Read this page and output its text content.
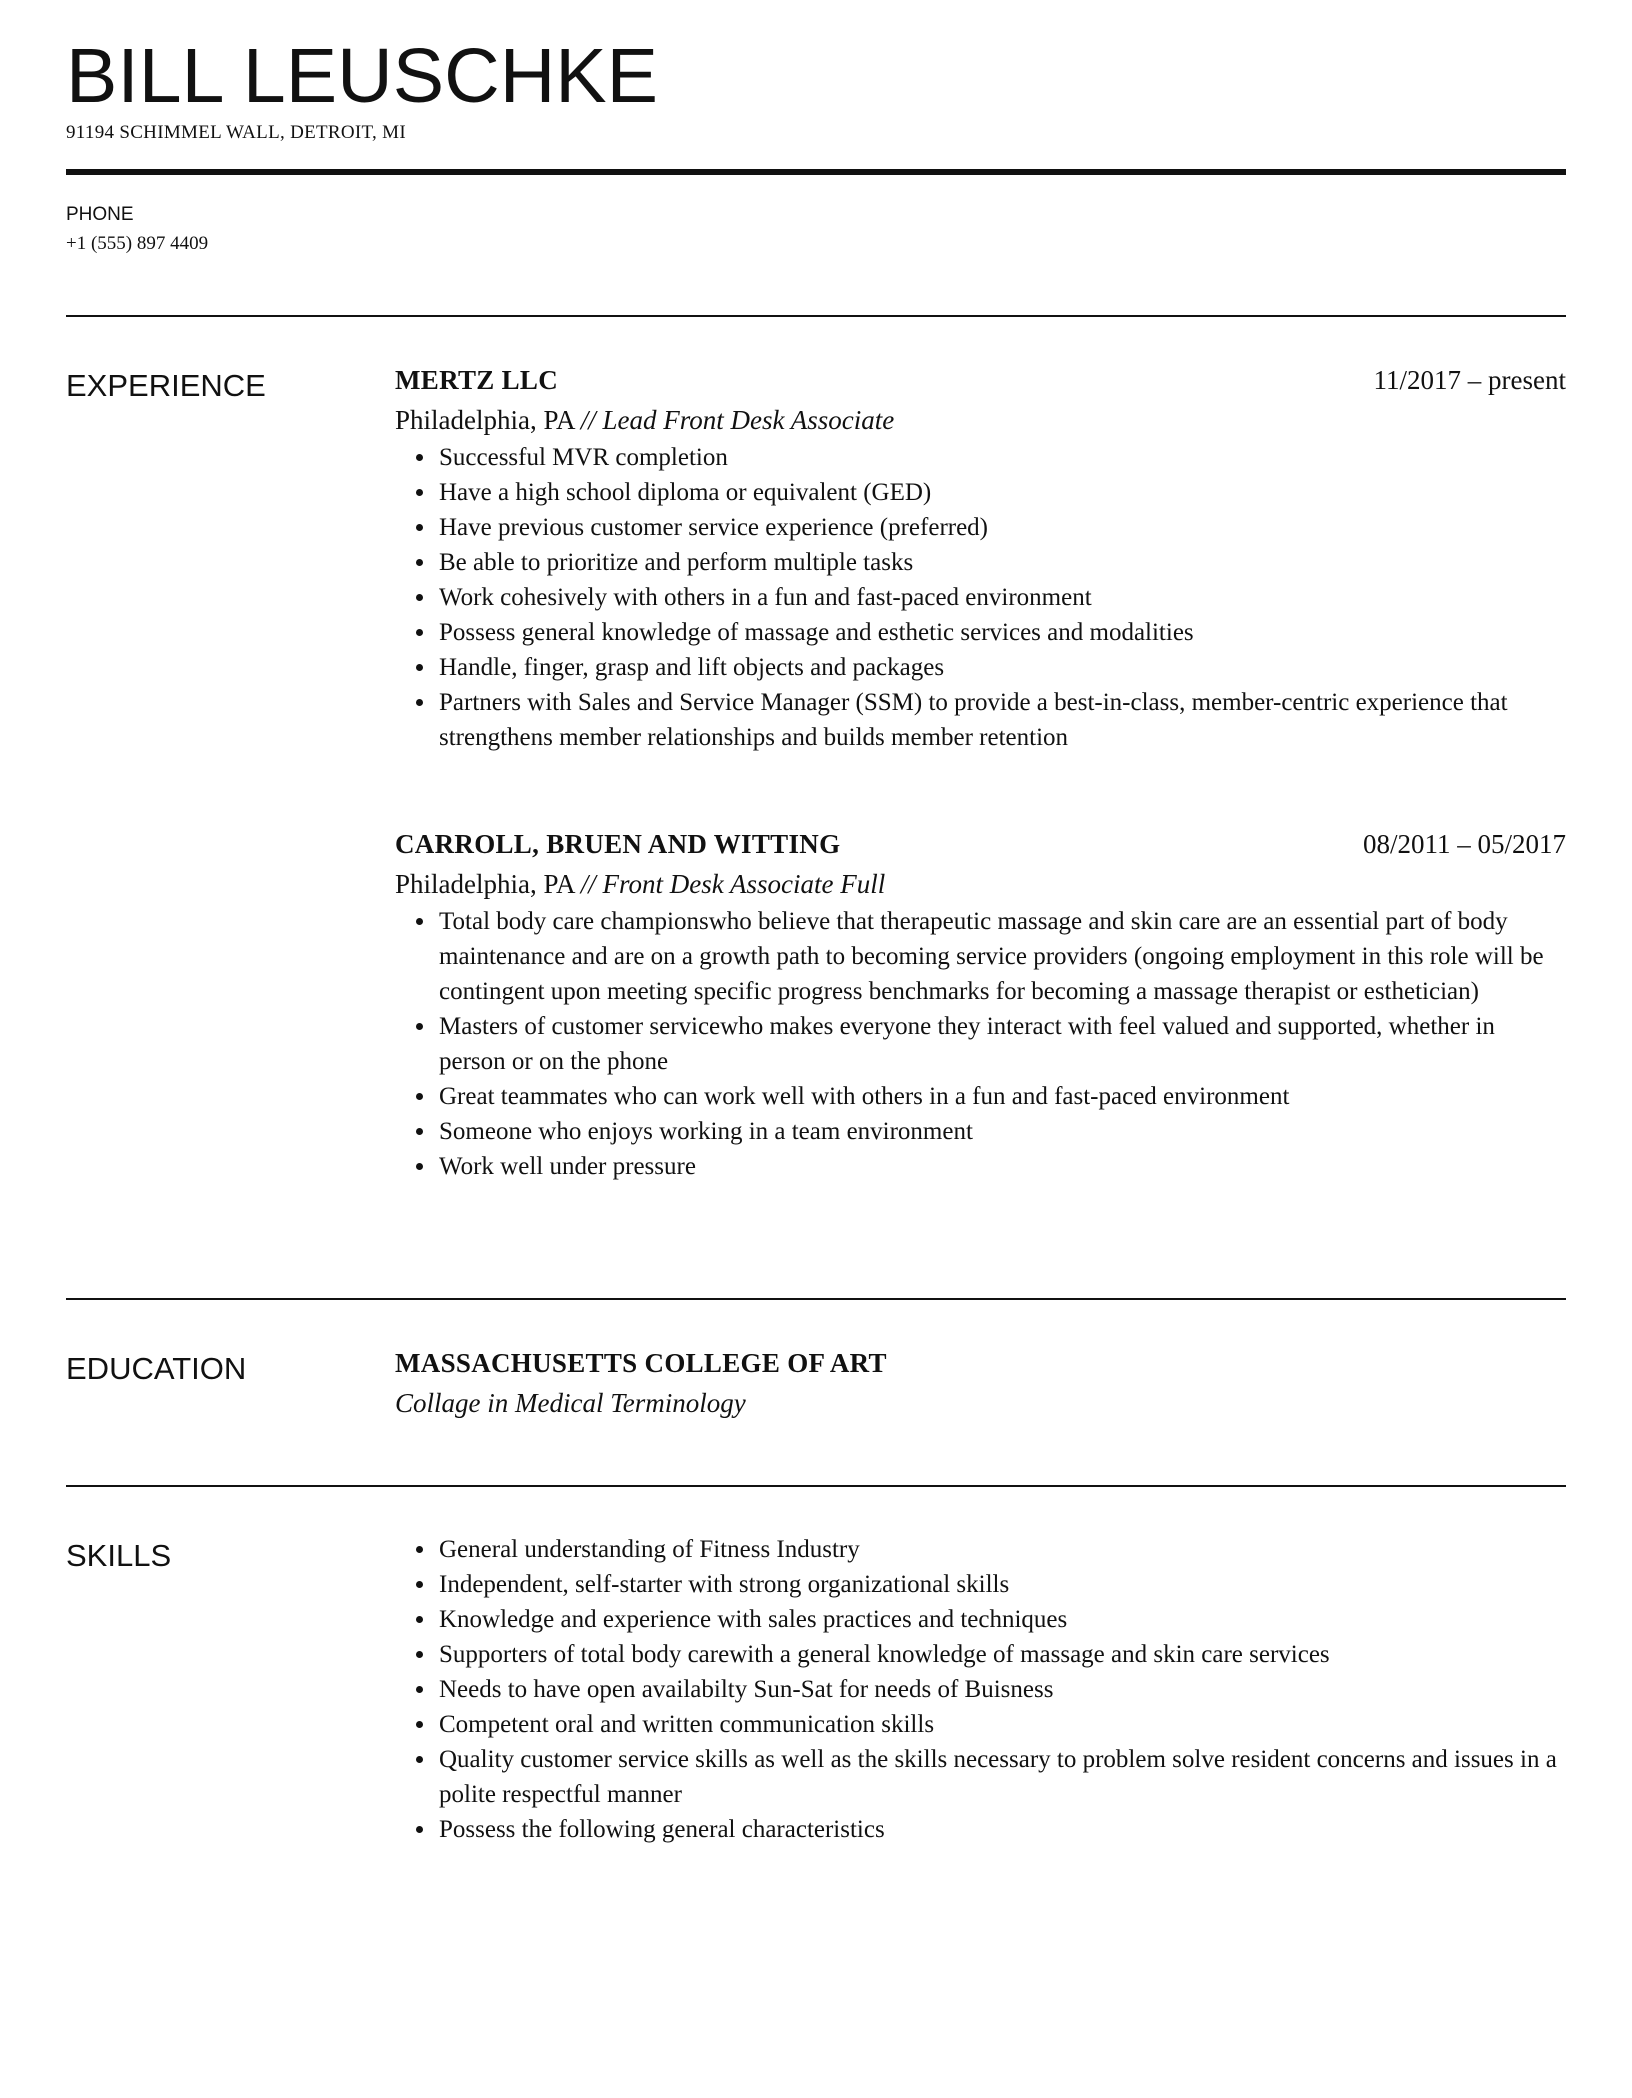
BILL LEUSCHKE
91194 SCHIMMEL WALL, DETROIT, MI
PHONE
+1 (555) 897 4409
EXPERIENCE	MERTZ LLC	11/2017 – present
Philadelphia, PA // Lead Front Desk Associate
• Successful MVR completion
• Have a high school diploma or equivalent (GED)
• Have previous customer service experience (preferred)
• Be able to prioritize and perform multiple tasks
• Work cohesively with others in a fun and fast-paced environment
• Possess general knowledge of massage and esthetic services and modalities
• Handle, finger, grasp and lift objects and packages
• Partners with Sales and Service Manager (SSM) to provide a best-in-class, member-centric experience that strengthens member relationships and builds member retention
CARROLL, BRUEN AND WITTING	08/2011 – 05/2017
Philadelphia, PA // Front Desk Associate Full
• Total body care championswho believe that therapeutic massage and skin care are an essential part of body maintenance and are on a growth path to becoming service providers (ongoing employment in this role will be contingent upon meeting specific progress benchmarks for becoming a massage therapist or esthetician)
• Masters of customer servicewho makes everyone they interact with feel valued and supported, whether in person or on the phone
• Great teammates who can work well with others in a fun and fast-paced environment
• Someone who enjoys working in a team environment
• Work well under pressure
EDUCATION	MASSACHUSETTS COLLEGE OF ART
Collage in Medical Terminology
SKILLS
•	General understanding of Fitness Industry
• Independent, self-starter with strong organizational skills
• Knowledge and experience with sales practices and techniques
• Supporters of total body carewith a general knowledge of massage and skin care services
• Needs to have open availabilty Sun-Sat for needs of Buisness
• Competent oral and written communication skills
• Quality customer service skills as well as the skills necessary to problem solve resident concerns and issues in a polite respectful manner
• Possess the following general characteristics
